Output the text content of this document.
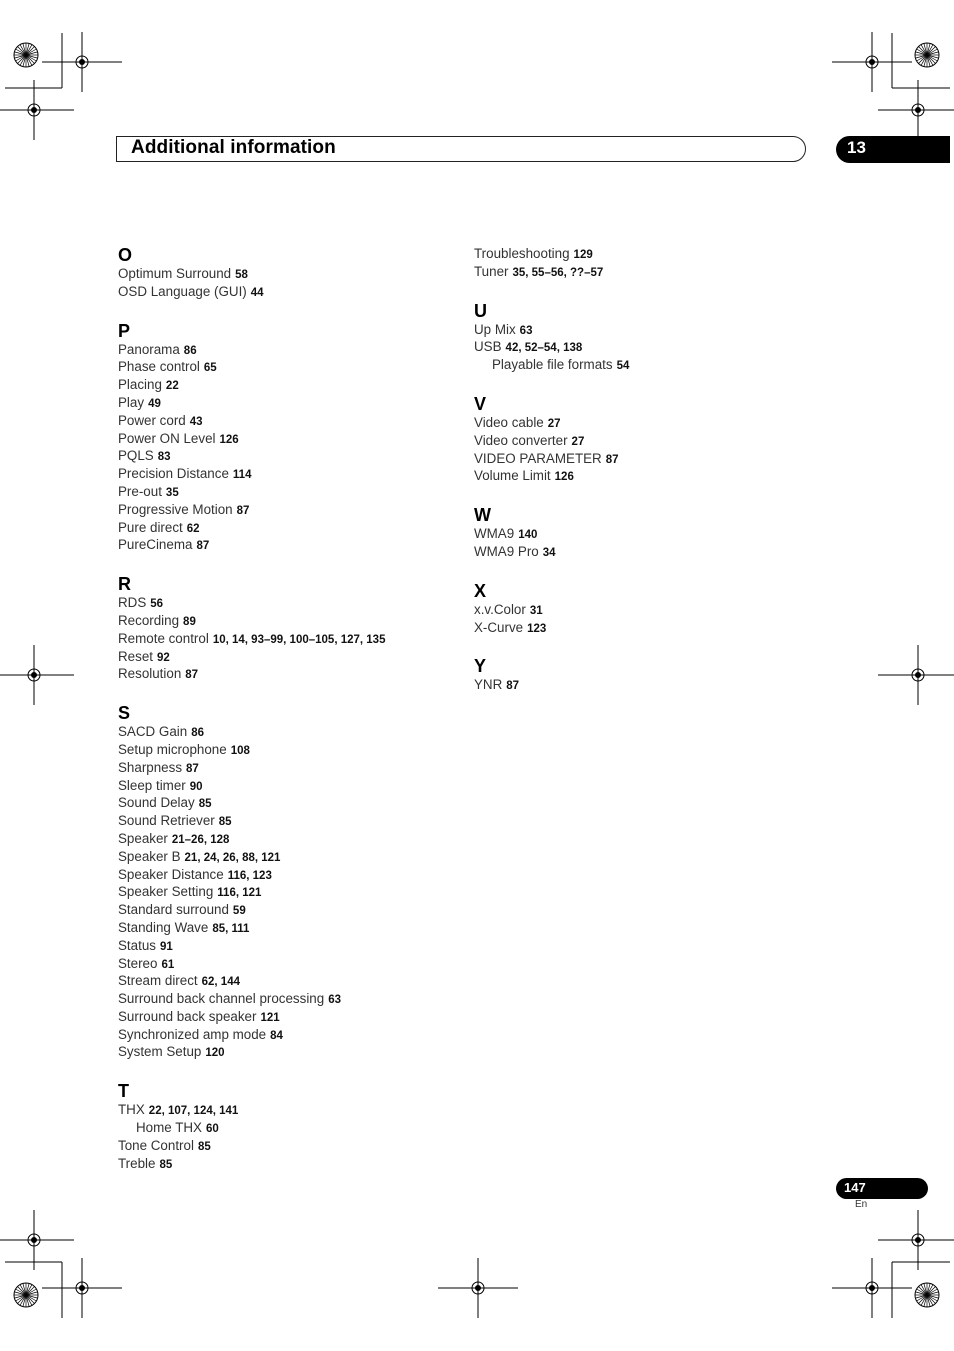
Additional information	13
O
Optimum Surround 58
OSD Language (GUI) 44
P
Panorama 86
Phase control 65
Placing 22
Play 49
Power cord 43
Power ON Level 126
PQLS 83
Precision Distance 114
Pre-out 35
Progressive Motion 87
Pure direct 62
PureCinema 87
R
RDS 56
Recording 89
Remote control 10, 14, 93–99, 100–105, 127, 135
Reset 92
Resolution 87
S
SACD Gain 86
Setup microphone 108
Sharpness 87
Sleep timer 90
Sound Delay 85
Sound Retriever 85
Speaker 21–26, 128
Speaker B 21, 24, 26, 88, 121
Speaker Distance 116, 123
Speaker Setting 116, 121
Standard surround 59
Standing Wave 85, 111
Status 91
Stereo 61
Stream direct 62, 144
Surround back channel processing 63
Surround back speaker 121
Synchronized amp mode 84
System Setup 120
T
THX 22, 107, 124, 141
Home THX 60
Tone Control 85
Treble 85
Troubleshooting 129
Tuner 35, 55–56, ??–57
U
Up Mix 63
USB 42, 52–54, 138
Playable file formats 54
V
Video cable 27
Video converter 27
VIDEO PARAMETER 87
Volume Limit 126
W
WMA9 140
WMA9 Pro 34
X
x.v.Color 31
X-Curve 123
Y
YNR 87
147
En
